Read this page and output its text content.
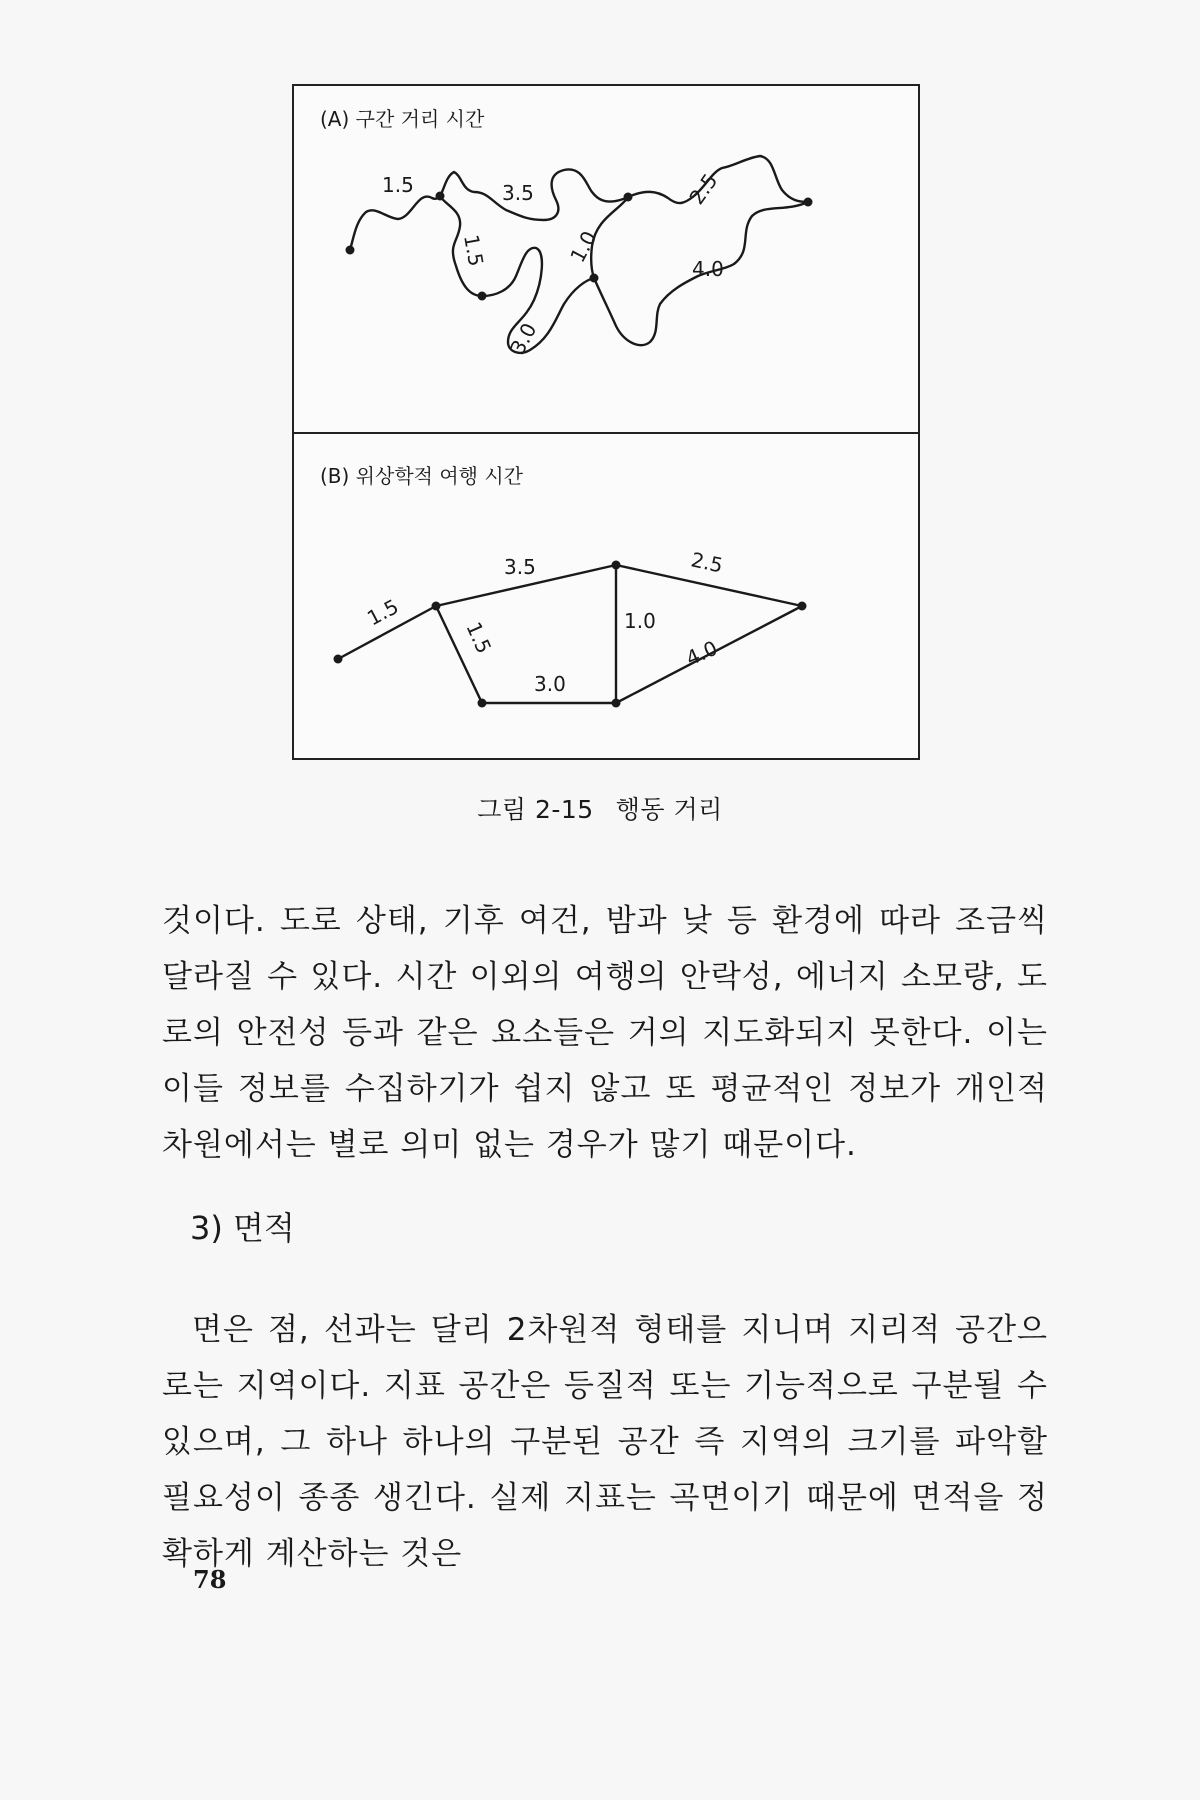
(A) 구간 거리 시간
1.5	3.5
1.5	1.0
2.5
4.0
3.0
(B) 위상학적 여행 시간
1.5
3.5	2.5
1.5	1.0
4.0
3.0
그림 2-15 행동 거리

것이다. 도로 상태, 기후 여건, 밤과 낮 등 환경에 따라 조금씩 달라질 수 있다. 시간 이외의 여행의 안락성, 에너지 소모량, 도로의 안전성 등과 같은 요소들은 거의 지도화되지 못한다. 이는 이들 정보를 수집하기가 쉽지 않고 또 평균적인 정보가 개인적 차원에서는 별로 의미 없는 경우가 많기 때문이다.

3) 면적

면은 점, 선과는 달리 2차원적 형태를 지니며 지리적 공간으로는 지역이다. 지표 공간은 등질적 또는 기능적으로 구분될 수 있으며, 그 하나 하나의 구분된 공간 즉 지역의 크기를 파악할 필요성이 종종 생긴다. 실제 지표는 곡면이기 때문에 면적을 정확하게 계산하는 것은

78
